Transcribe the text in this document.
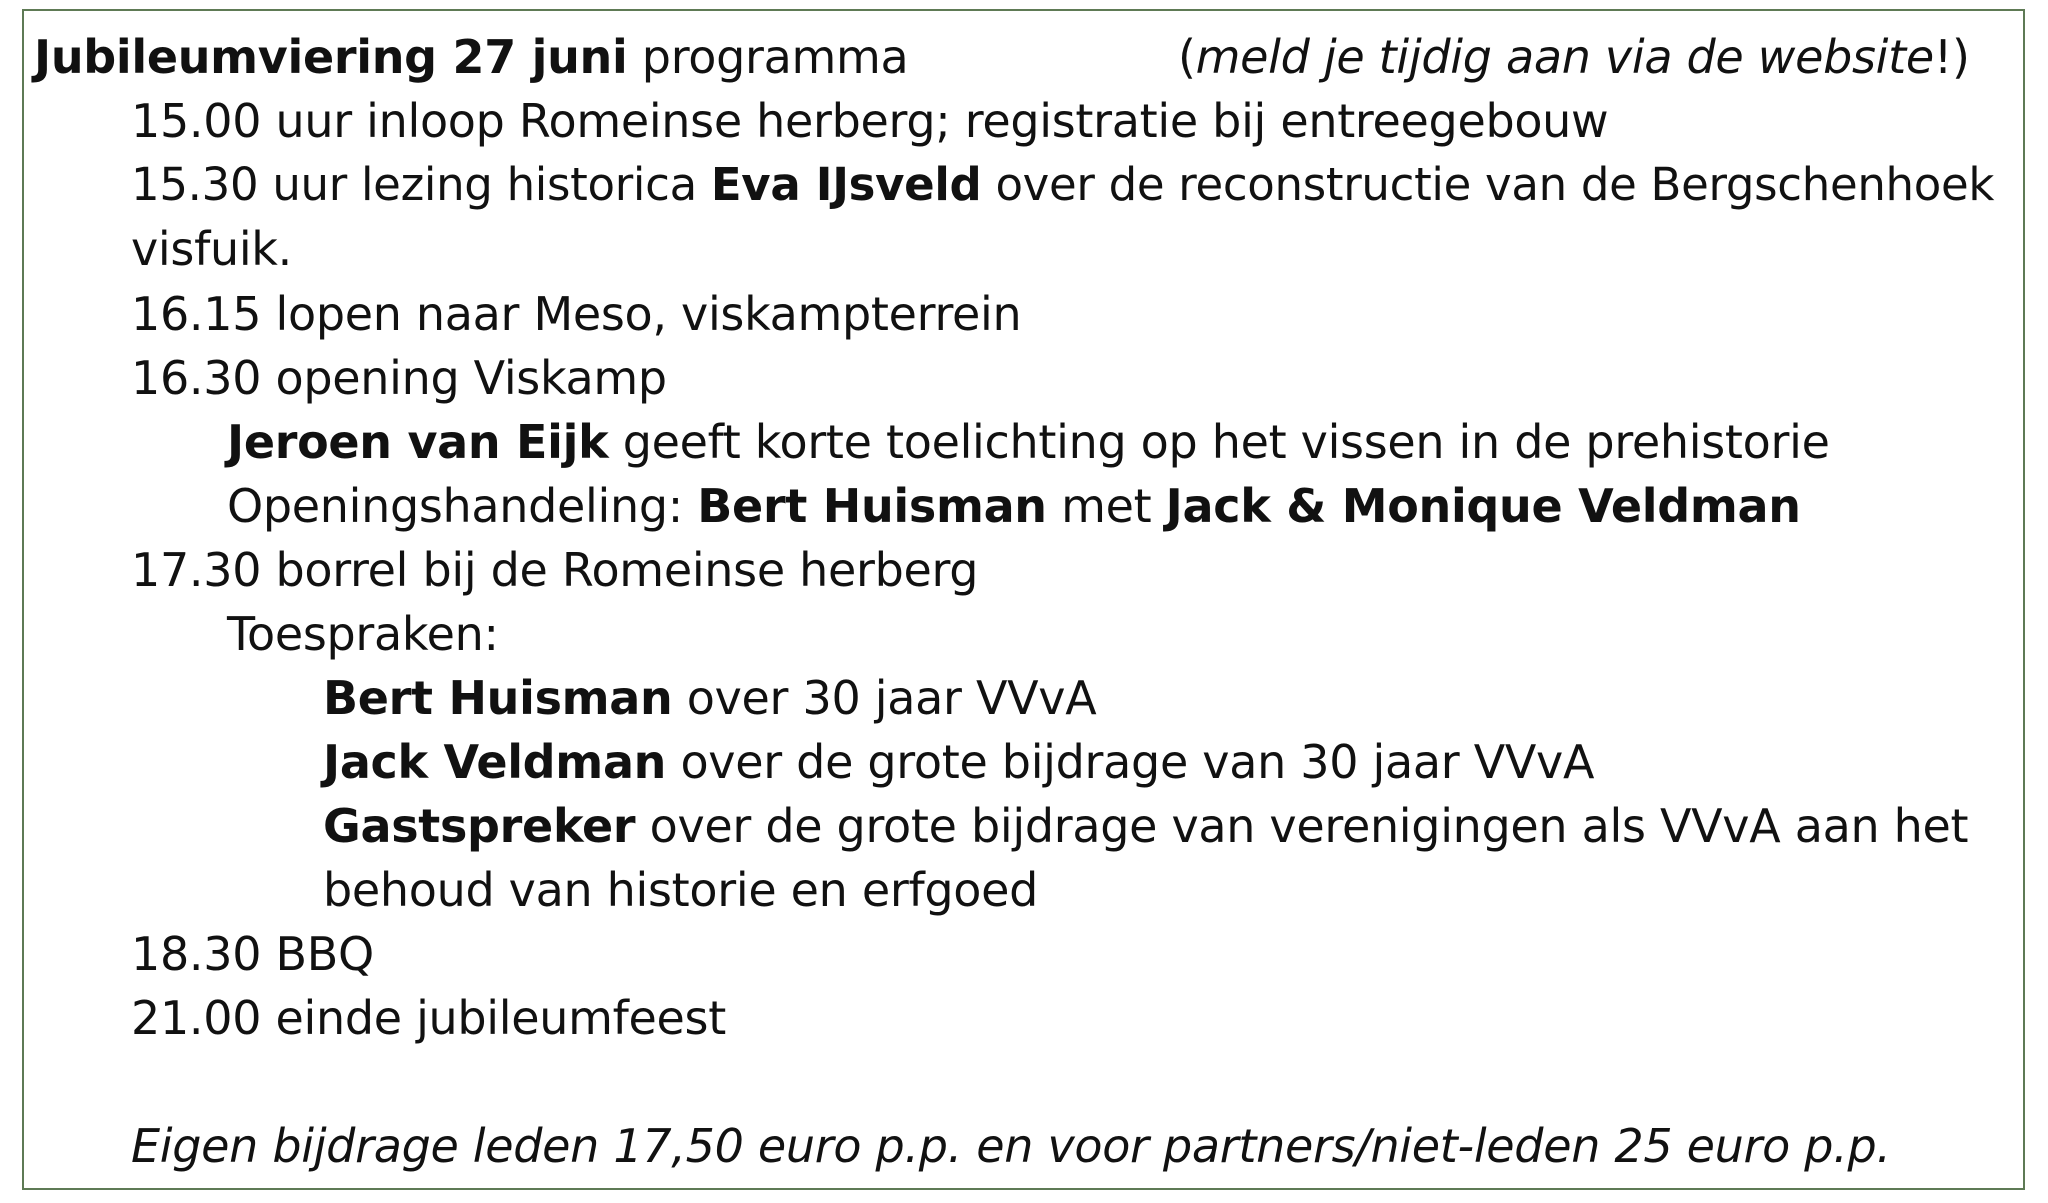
Jubileumviering 27 juni programma	(meld je tijdig aan via de website!)
15.00 uur inloop Romeinse herberg; registratie bij entreegebouw
15.30 uur lezing historica Eva IJsveld over de reconstructie van de Bergschenhoek
visfuik.
16.15 lopen naar Meso, viskampterrein
16.30 opening Viskamp
Jeroen van Eijk geeft korte toelichting op het vissen in de prehistorie
Openingshandeling: Bert Huisman met Jack & Monique Veldman
17.30 borrel bij de Romeinse herberg
Toespraken:
Bert Huisman over 30 jaar VVvA
Jack Veldman over de grote bijdrage van 30 jaar VVvA
Gastspreker over de grote bijdrage van verenigingen als VVvA aan het
behoud van historie en erfgoed
18.30 BBQ
21.00 einde jubileumfeest
Eigen bijdrage leden 17,50 euro p.p. en voor partners/niet-leden 25 euro p.p.
